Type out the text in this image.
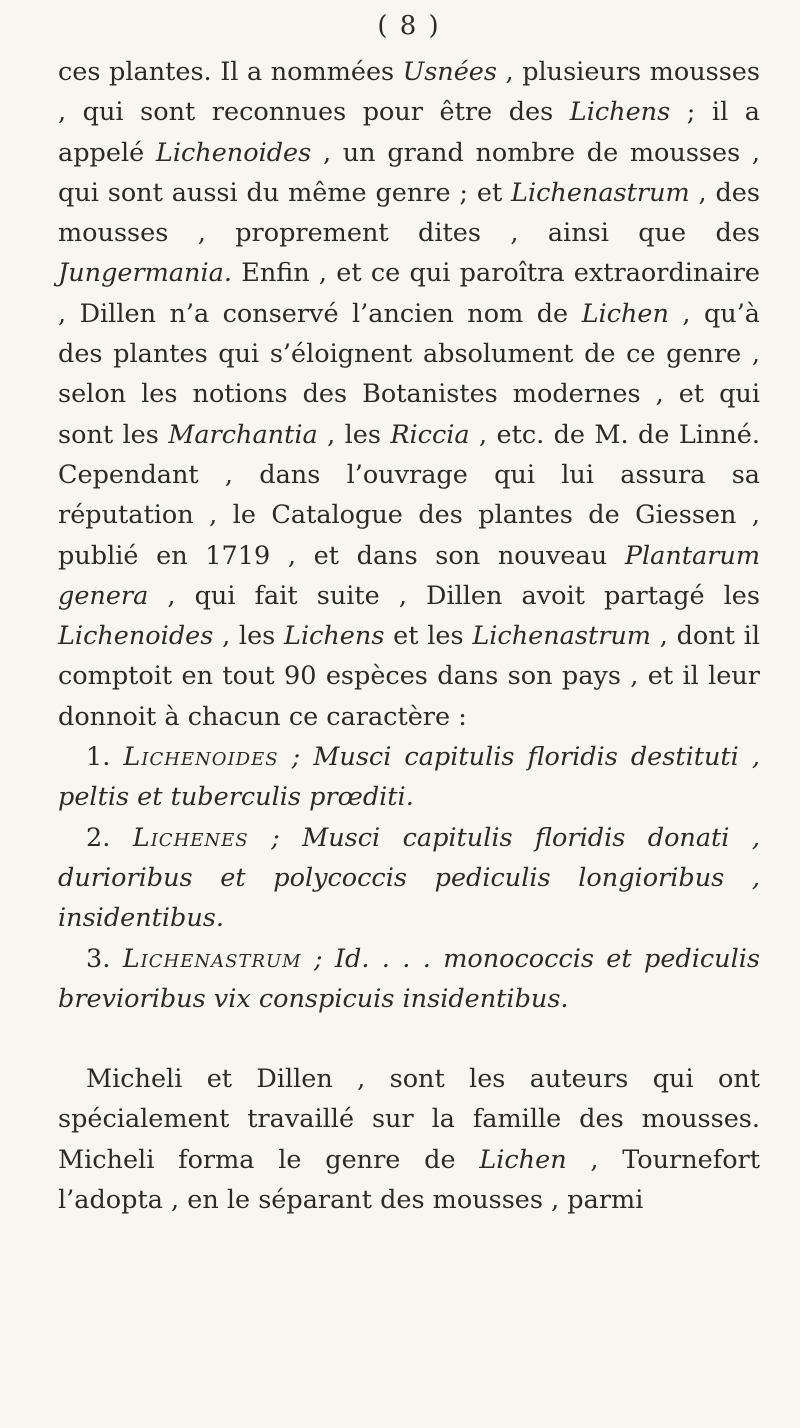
( 8 )

ces plantes. Il a nommées Usnées , plusieurs mousses , qui sont reconnues pour être des Lichens ; il a appelé Lichenoides , un grand nombre de mousses , qui sont aussi du même genre ; et Lichenastrum , des mousses , proprement dites , ainsi que des Jungermania. Enfin , et ce qui paroîtra extraordinaire , Dillen n’a conservé l’ancien nom de Lichen , qu’à des plantes qui s’éloignent absolument de ce genre , selon les notions des Botanistes modernes , et qui sont les Marchantia , les Riccia , etc. de M. de Linné. Cependant , dans l’ouvrage qui lui assura sa réputation , le Catalogue des plantes de Giessen , publié en 1719 , et dans son nouveau Plantarum genera , qui fait suite , Dillen avoit partagé les Lichenoides , les Lichens et les Lichenastrum , dont il comptoit en tout 90 espèces dans son pays , et il leur donnoit à chacun ce caractère :

1. Lichenoides ; Musci capitulis floridis destituti , peltis et tuberculis prœditi.

2. Lichenes ; Musci capitulis floridis donati , durioribus et polycoccis pediculis longioribus , insidentibus.

3. Lichenastrum ; Id. . . . monococcis et pediculis brevioribus vix conspicuis insidentibus.

Micheli et Dillen , sont les auteurs qui ont spécialement travaillé sur la famille des mousses. Micheli forma le genre de Lichen , Tournefort l’adopta , en le séparant des mousses , parmi
